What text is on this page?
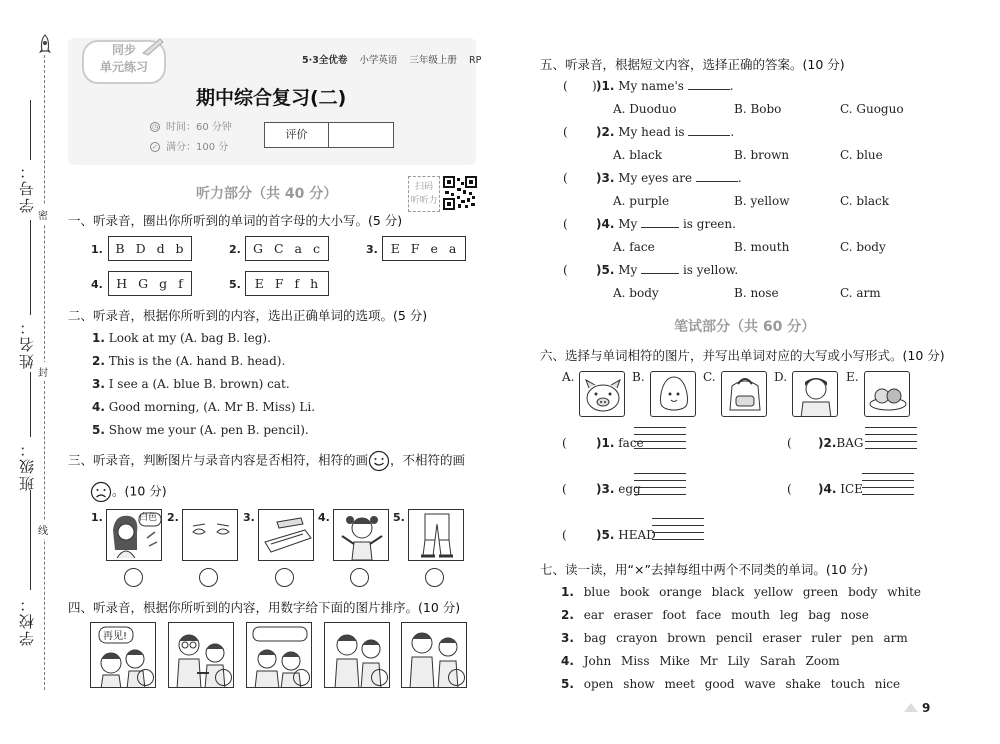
学号：
姓名：
班级：
学校：
密
封
线
同步
单元练习	5·3全优卷 小学英语 三年级上册 RP
期中综合复习(二)
◷ 时间：60 分钟
✓ 满分：100 分
评价
听力部分（共 40 分）	扫码
听听力
一、听录音，圈出你所听到的单词的首字母的大小写。(5 分)
1.	B D d b	2. G C a c	3.	E F e a
4.	H G g f	5.	E F f h
二、听录音，根据你所听到的内容，选出正确单词的选项。(5 分)
1. Look at my (A. bag B. leg).
2. This is the (A. hand B. head).
3. I see a (A. blue B. brown) cat.
4. Good morning, (A. Mr B. Miss) Li.
5. Show me your (A. pen B. pencil).
三、听录音，判断图片与录音内容是否相符，相符的画 ，不相符的画
。(10 分)
1.	白色 2.	3.	4.	5.
四、听录音，根据你所听到的内容，用数字给下面的图片排序。(10 分)
再见!
五、听录音，根据短文内容，选择正确的答案。(10 分)
( )1. My name's	.
A. Duoduo	B. Bobo	C. Guoguo
( )2. My head is	.
A. black	B. brown	C. blue
( )3. My eyes are	.
A. purple	B. yellow	C. black
( )4. My	is green.
A. face	B. mouth	C. body
( )5. My	is yellow.
A. body	B. nose	C. arm
)
笔试部分（共 60 分）
六、选择与单词相符的图片，并写出单词对应的大写或小写形式。(10 分)
A.	B.	C.	D.	E.
( )1. face	( )2.BAG
( )3. egg	( )4. ICE
( )5. HEAD
七、读一读，用“×”去掉每组中两个不同类的单词。(10 分)
1. blue book orange black yellow green body white
2. ear eraser foot face mouth leg bag nose
3. bag crayon brown pencil eraser ruler pen arm
4. John Miss Mike Mr Lily Sarah Zoom
5. open show meet good wave shake touch nice
9
